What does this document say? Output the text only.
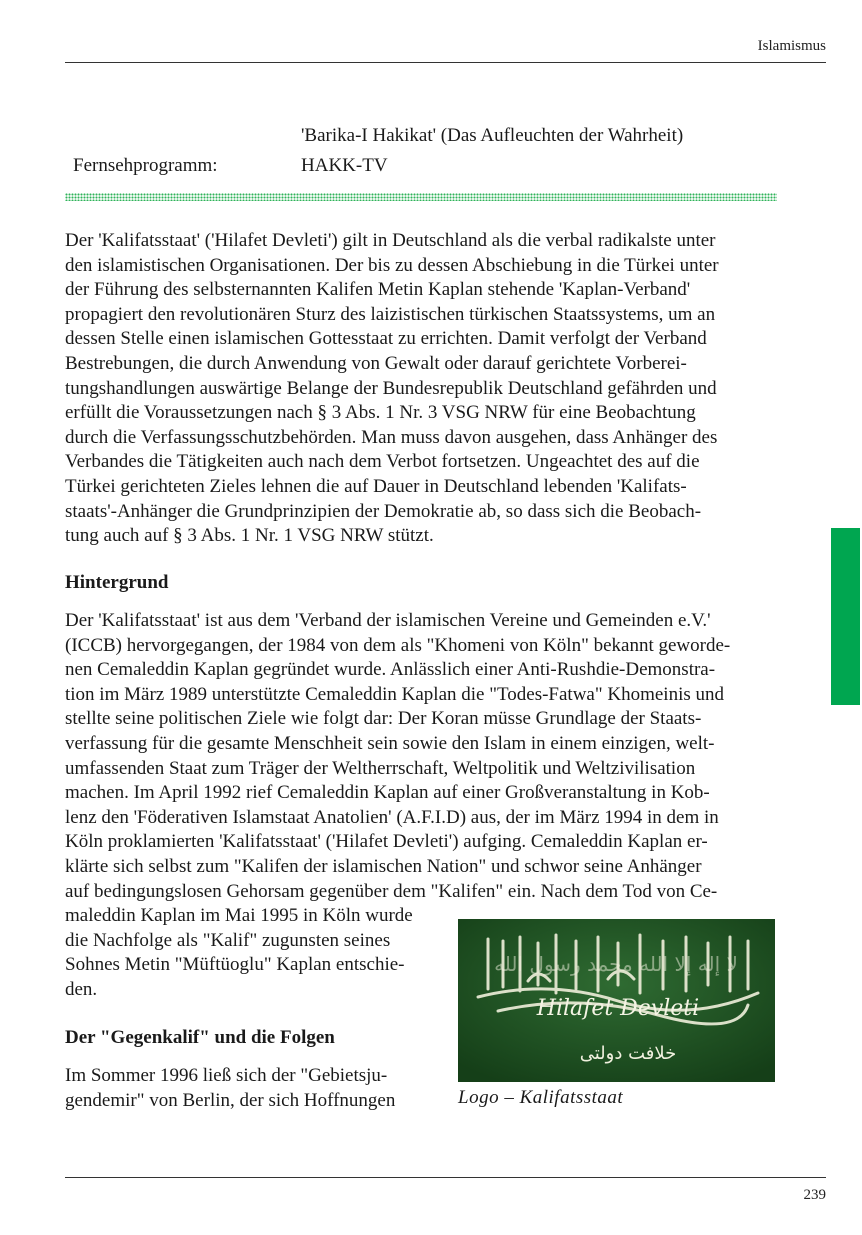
Islamismus
'Barika-I Hakikat' (Das Aufleuchten der Wahrheit)
Fernsehprogramm:	HAKK-TV
Der 'Kalifatsstaat' ('Hilafet Devleti') gilt in Deutschland als die verbal radikalste unter
den islamistischen Organisationen. Der bis zu dessen Abschiebung in die Türkei unter
der Führung des selbsternannten Kalifen Metin Kaplan stehende 'Kaplan-Verband'
propagiert den revolutionären Sturz des laizistischen türkischen Staatssystems, um an
dessen Stelle einen islamischen Gottesstaat zu errichten. Damit verfolgt der Verband
Bestrebungen, die durch Anwendung von Gewalt oder darauf gerichtete Vorberei-
tungshandlungen auswärtige Belange der Bundesrepublik Deutschland gefährden und
erfüllt die Voraussetzungen nach § 3 Abs. 1 Nr. 3 VSG NRW für eine Beobachtung
durch die Verfassungsschutzbehörden. Man muss davon ausgehen, dass Anhänger des
Verbandes die Tätigkeiten auch nach dem Verbot fortsetzen. Ungeachtet des auf die
Türkei gerichteten Zieles lehnen die auf Dauer in Deutschland lebenden 'Kalifats-
staats'-Anhänger die Grundprinzipien der Demokratie ab, so dass sich die Beobach-
tung auch auf § 3 Abs. 1 Nr. 1 VSG NRW stützt.
Hintergrund
Der 'Kalifatsstaat' ist aus dem 'Verband der islamischen Vereine und Gemeinden e.V.'
(ICCB) hervorgegangen, der 1984 von dem als "Khomeni von Köln" bekannt geworde-
nen Cemaleddin Kaplan gegründet wurde. Anlässlich einer Anti-Rushdie-Demonstra-
tion im März 1989 unterstützte Cemaleddin Kaplan die "Todes-Fatwa" Khomeinis und
stellte seine politischen Ziele wie folgt dar: Der Koran müsse Grundlage der Staats-
verfassung für die gesamte Menschheit sein sowie den Islam in einem einzigen, welt-
umfassenden Staat zum Träger der Weltherrschaft, Weltpolitik und Weltzivilisation
machen. Im April 1992 rief Cemaleddin Kaplan auf einer Großveranstaltung in Kob-
lenz den 'Föderativen Islamstaat Anatolien' (A.F.I.D) aus, der im März 1994 in dem in
Köln proklamierten 'Kalifatsstaat' ('Hilafet Devleti') aufging. Cemaleddin Kaplan er-
klärte sich selbst zum "Kalifen der islamischen Nation" und schwor seine Anhänger
auf bedingungslosen Gehorsam gegenüber dem "Kalifen" ein. Nach dem Tod von Ce-
maleddin Kaplan im Mai 1995 in Köln wurde
die Nachfolge als "Kalif" zugunsten seines
Sohnes Metin "Müftüoglu" Kaplan entschie-
den.
Der "Gegenkalif" und die Folgen
Im Sommer 1996 ließ sich der "Gebietsju-
gendemir" von Berlin, der sich Hoffnungen
لا إله إلا الله محمد رسول الله
Hilafet Devleti
خلافت دولتی
Logo – Kalifatsstaat
239
